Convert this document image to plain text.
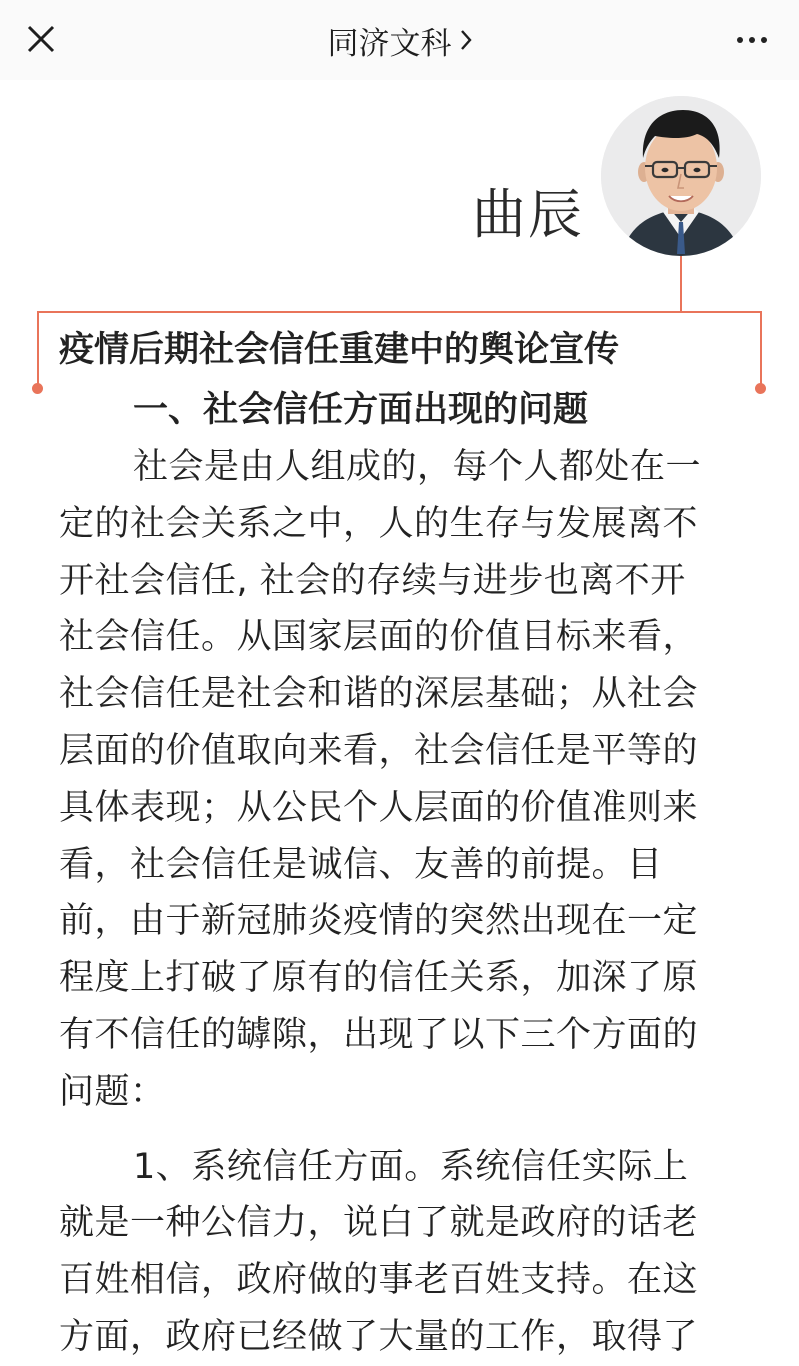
同济文科
曲辰
疫情后期社会信任重建中的舆论宣传
一、社会信任方面出现的问题
社会是由人组成的，每个人都处在一
定的社会关系之中，人的生存与发展离不
开社会信任, 社会的存续与进步也离不开
社会信任。从国家层面的价值目标来看，
社会信任是社会和谐的深层基础；从社会
层面的价值取向来看，社会信任是平等的
具体表现；从公民个人层面的价值准则来
看，社会信任是诚信、友善的前提。目
前，由于新冠肺炎疫情的突然出现在一定
程度上打破了原有的信任关系，加深了原
有不信任的罅隙，出现了以下三个方面的
问题：
1、系统信任方面。系统信任实际上
就是一种公信力，说白了就是政府的话老
百姓相信，政府做的事老百姓支持。在这
方面，政府已经做了大量的工作，取得了
